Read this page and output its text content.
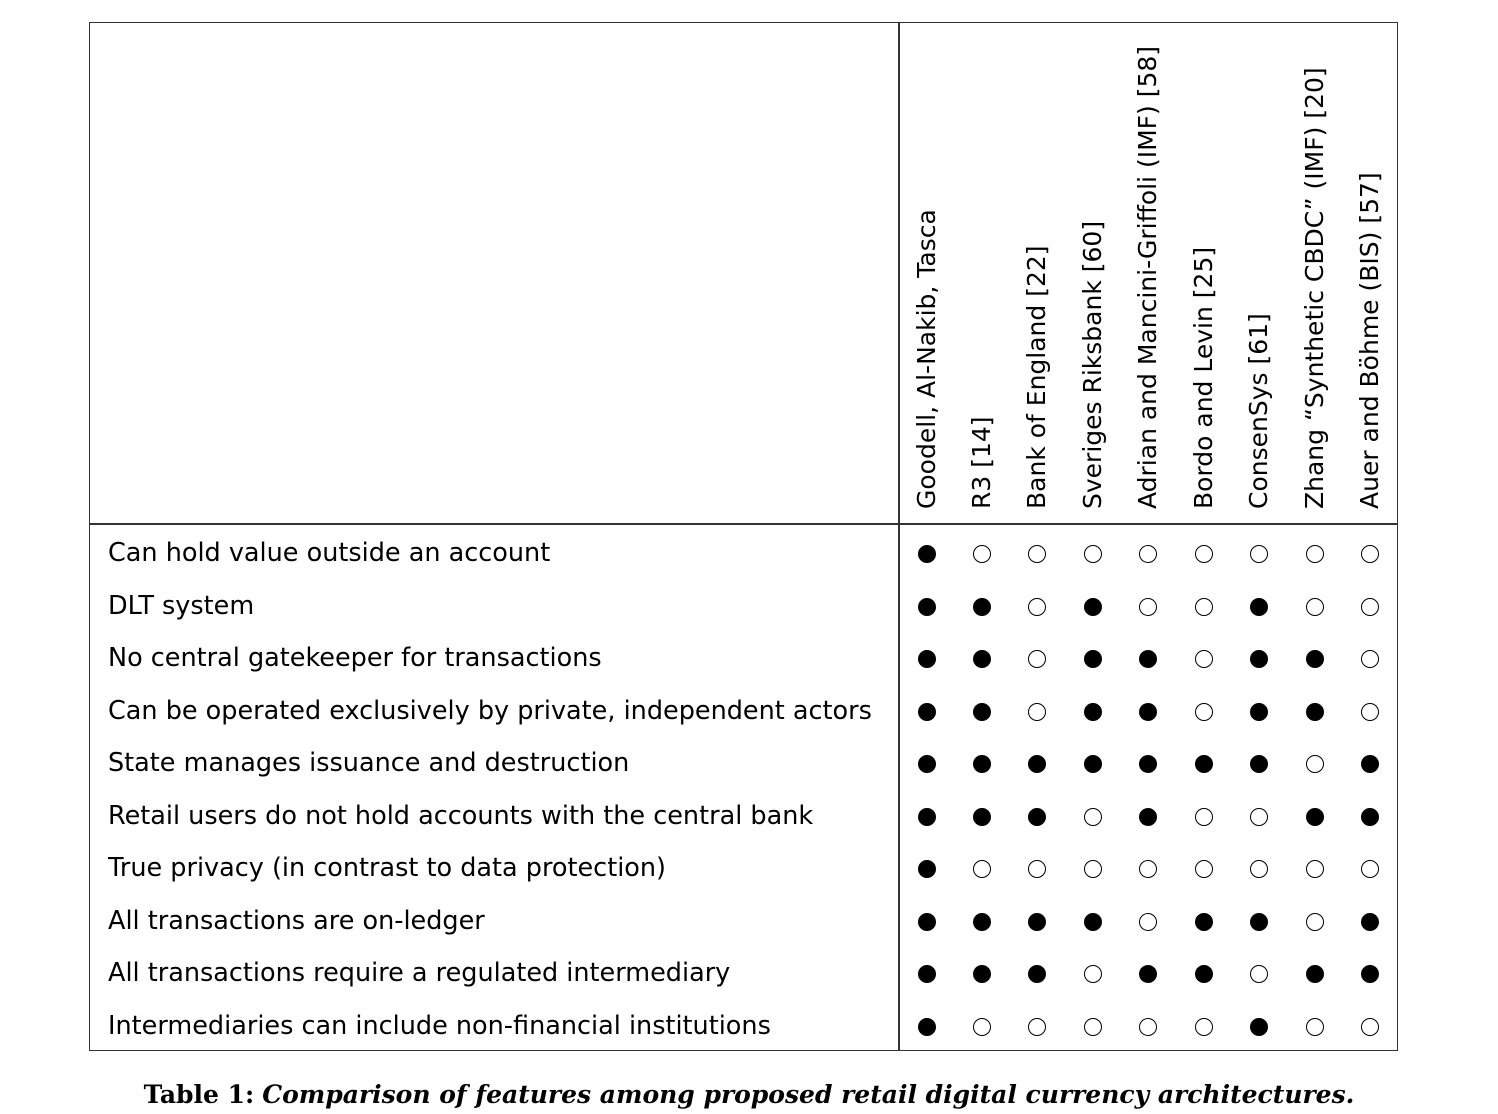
Goodell, Al-Nakib, Tasca R3 [14] Bank of England [22] Sveriges Riksbank [60] Adrian and Mancini-Griffoli (IMF) [58] Bordo and Levin [25] ConsenSys [61] Zhang “Synthetic CBDC” (IMF) [20] Auer and Böhme (BIS) [57]
Can hold value outside an account
DLT system
No central gatekeeper for transactions
Can be operated exclusively by private, independent actors
State manages issuance and destruction
Retail users do not hold accounts with the central bank
True privacy (in contrast to data protection)
All transactions are on-ledger
All transactions require a regulated intermediary
Intermediaries can include non-financial institutions
Table 1: Comparison of features among proposed retail digital currency architectures.
